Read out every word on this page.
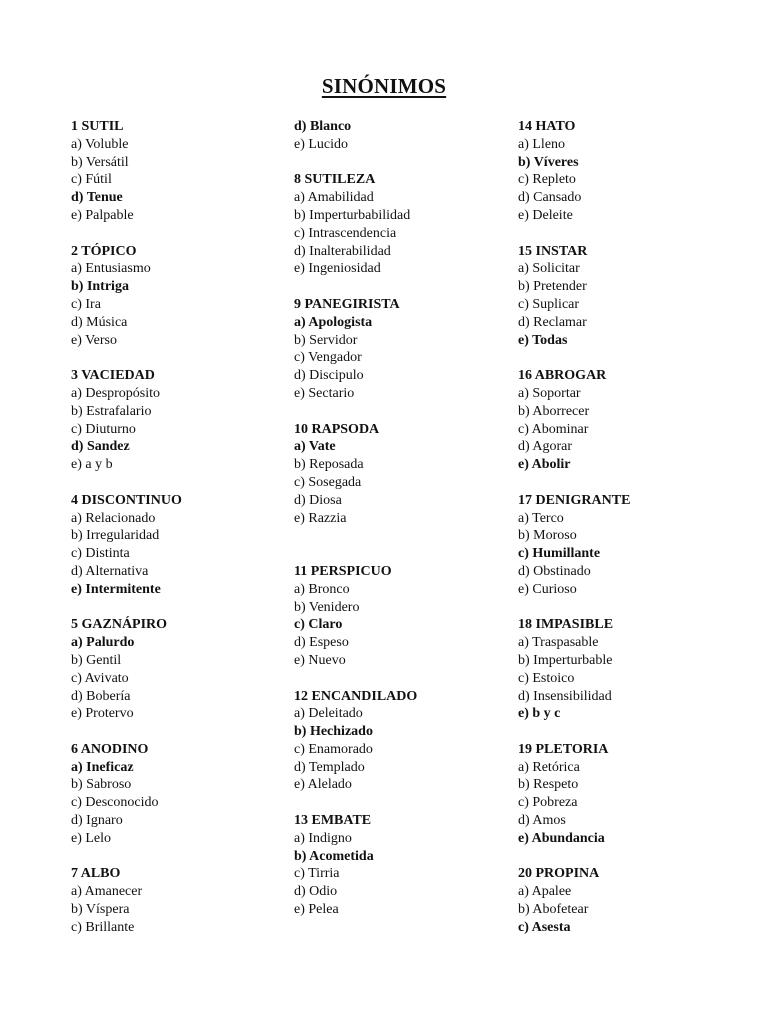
SINÓNIMOS
1 SUTIL
a) Voluble
b) Versátil
c) Fútil
d) Tenue
e) Palpable
2 TÓPICO
a) Entusiasmo
b) Intriga
c) Ira
d) Música
e) Verso
3 VACIEDAD
a) Despropósito
b) Estrafalario
c) Diuturno
d) Sandez
e) a y b
4 DISCONTINUO
a) Relacionado
b) Irregularidad
c) Distinta
d) Alternativa
e) Intermitente
5 GAZNÁPIRO
a) Palurdo
b) Gentil
c) Avivato
d) Bobería
e) Protervo
6 ANODINO
a) Ineficaz
b) Sabroso
c) Desconocido
d) Ignaro
e) Lelo
7 ALBO
a) Amanecer
b) Víspera
c) Brillante
d) Blanco
e) Lucido
8 SUTILEZA
a) Amabilidad
b) Imperturbabilidad
c) Intrascendencia
d) Inalterabilidad
e) Ingeniosidad
9 PANEGIRISTA
a) Apologista
b) Servidor
c) Vengador
d) Discipulo
e) Sectario
10 RAPSODA
a) Vate
b) Reposada
c) Sosegada
d) Diosa
e) Razzia
11 PERSPICUO
a) Bronco
b) Venidero
c) Claro
d) Espeso
e) Nuevo
12 ENCANDILADO
a) Deleitado
b) Hechizado
c) Enamorado
d) Templado
e) Alelado
13 EMBATE
a) Indigno
b) Acometida
c) Tirria
d) Odio
e) Pelea
14 HATO
a) Lleno
b) Víveres
c) Repleto
d) Cansado
e) Deleite
15 INSTAR
a) Solicitar
b) Pretender
c) Suplicar
d) Reclamar
e) Todas
16 ABROGAR
a) Soportar
b) Aborrecer
c) Abominar
d) Agorar
e) Abolir
17 DENIGRANTE
a) Terco
b) Moroso
c) Humillante
d) Obstinado
e) Curioso
18 IMPASIBLE
a) Traspasable
b) Imperturbable
c) Estoico
d) Insensibilidad
e) b y c
19 PLETORIA
a) Retórica
b) Respeto
c) Pobreza
d) Amos
e) Abundancia
20 PROPINA
a) Apalee
b) Abofetear
c) Asesta
